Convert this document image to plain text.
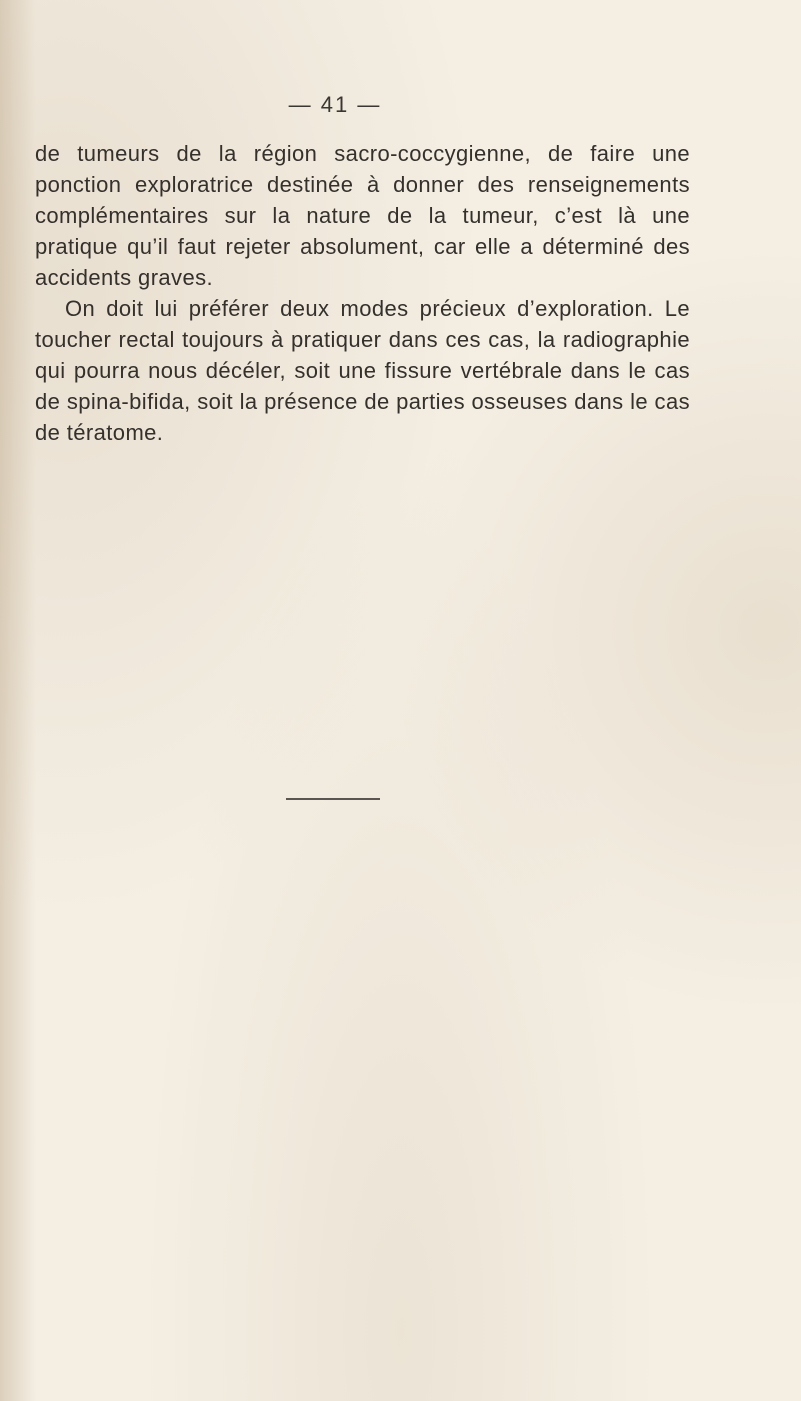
— 41 —

de tumeurs de la région sacro-coccygienne, de faire une ponction exploratrice destinée à donner des renseignements complémentaires sur la nature de la tumeur, c’est là une pratique qu’il faut rejeter absolument, car elle a déterminé des accidents graves.

On doit lui préférer deux modes précieux d’exploration. Le toucher rectal toujours à pratiquer dans ces cas, la radiographie qui pourra nous décéler, soit une fissure vertébrale dans le cas de spina-bifida, soit la présence de parties osseuses dans le cas de tératome.
